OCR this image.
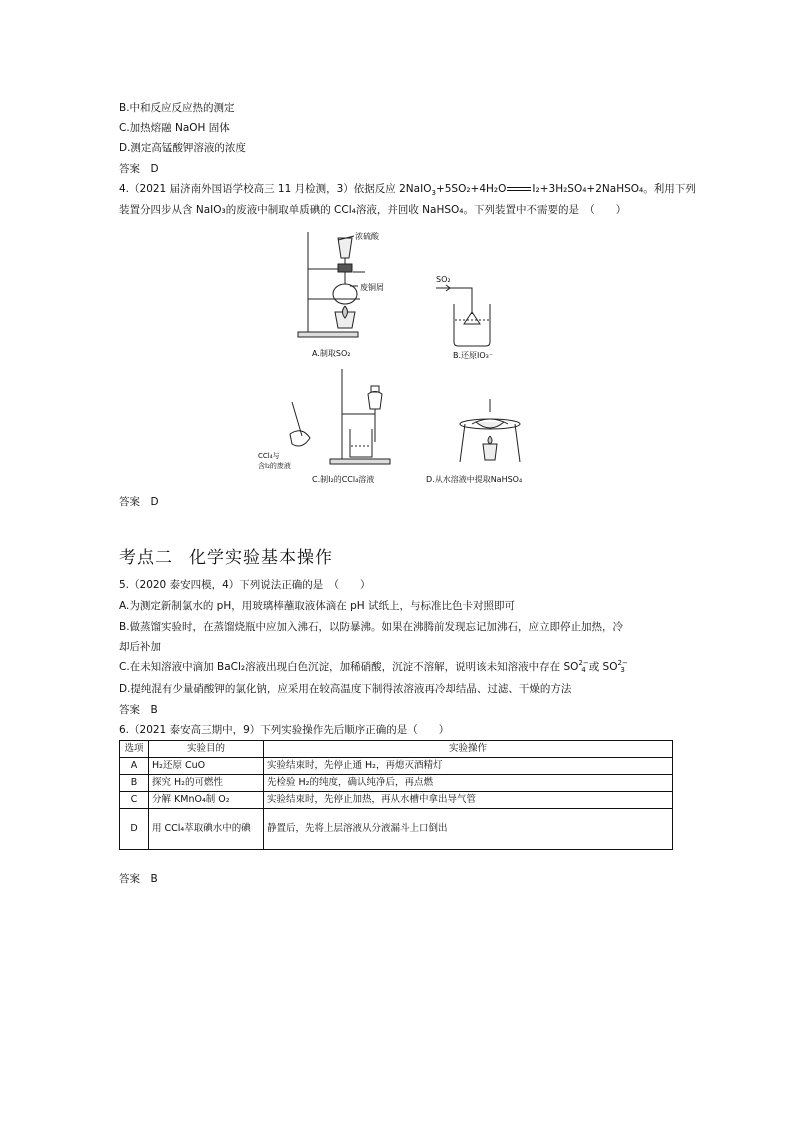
B.中和反应反应热的测定
C.加热熔融 NaOH 固体
D.测定高锰酸钾溶液的浓度
答案　D
4.（2021 届济南外国语学校高三 11 月检测，3）依据反应 2NaIO$_3$+5SO₂+4H₂O I₂+3H₂SO₄+2NaHSO₄。利用下列
装置分四步从含 NaIO₃的废液中制取单质碘的 CCl₄溶液，并回收 NaHSO₄。下列装置中不需要的是　（　　）
浓硫酸
废铜屑
A.制取SO₂
SO₂
B.还原IO₃⁻
CCl₄与
含I₂的废液
C.制I₂的CCl₄溶液	D.从水溶液中提取NaHSO₄
答案　D
考点二 化学实验基本操作
5.（2020 泰安四模，4）下列说法正确的是　（　　）
A.为测定新制氯水的 pH，用玻璃棒蘸取液体滴在 pH 试纸上，与标准比色卡对照即可
B.做蒸馏实验时，在蒸馏烧瓶中应加入沸石，以防暴沸。如果在沸腾前发现忘记加沸石，应立即停止加热，冷
却后补加
C.在未知溶液中滴加 BaCl₂溶液出现白色沉淀，加稀硝酸，沉淀不溶解，说明该未知溶液中存在 SO 2−
4 或 SO 2−
3
D.提纯混有少量硝酸钾的氯化钠，应采用在较高温度下制得浓溶液再冷却结晶、过滤、干燥的方法
答案　B
6.（2021 泰安高三期中，9）下列实验操作先后顺序正确的是（　　）
选项	实验目的	实验操作
A	H₂还原 CuO	实验结束时，先停止通 H₂，再熄灭酒精灯
B	探究 H₂的可燃性	先检验 H₂的纯度，确认纯净后，再点燃
C	分解 KMnO₄制 O₂	实验结束时，先停止加热，再从水槽中拿出导气管
D	用 CCl₄萃取碘水中的碘	静置后，先将上层溶液从分液漏斗上口倒出
答案　B
